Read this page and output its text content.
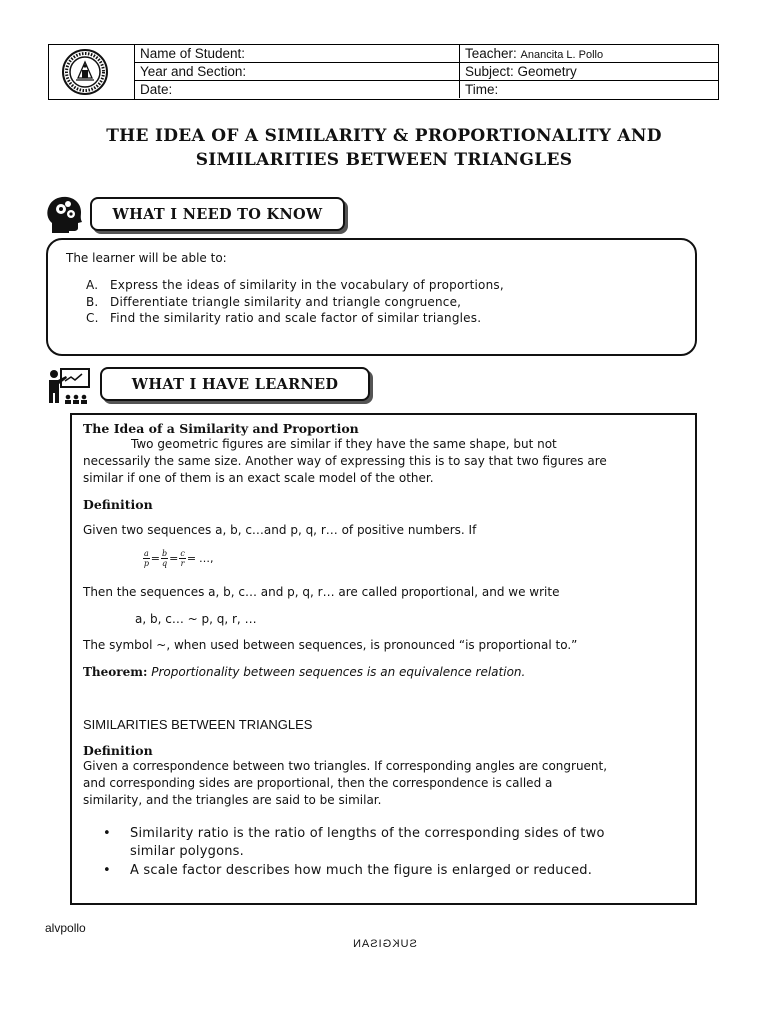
Name of Student:	Teacher: Anancita L. Pollo
Year and Section:	Subject: Geometry
Date:	Time:
THE IDEA OF A SIMILARITY & PROPORTIONALITY AND
SIMILARITIES BETWEEN TRIANGLES
WHAT I NEED TO KNOW
The learner will be able to:
A. Express the ideas of similarity in the vocabulary of proportions,
B. Differentiate triangle similarity and triangle congruence,
C. Find the similarity ratio and scale factor of similar triangles.
WHAT I HAVE LEARNED
The Idea of a Similarity and Proportion
Two geometric figures are similar if they have the same shape, but not
necessarily the same size. Another way of expressing this is to say that two figures are
similar if one of them is an exact scale model of the other.
Definition
Given two sequences a, b, c…and p, q, r… of positive numbers. If
$\frac{a}{p} = \frac{b}{q} = \frac{c}{r}$ = …,
Then the sequences a, b, c… and p, q, r… are called proportional, and we write
a, b, c… ~ p, q, r, …
The symbol ~, when used between sequences, is pronounced “is proportional to.”
Theorem: Proportionality between sequences is an equivalence relation.
SIMILARITIES BETWEEN TRIANGLES
Definition
Given a correspondence between two triangles. If corresponding angles are congruent,
and corresponding sides are proportional, then the correspondence is called a
similarity, and the triangles are said to be similar.
• Similarity ratio is the ratio of lengths of the corresponding sides of two
similar polygons.
• A scale factor describes how much the figure is enlarged or reduced.
alvpollo
SUKGISAN
